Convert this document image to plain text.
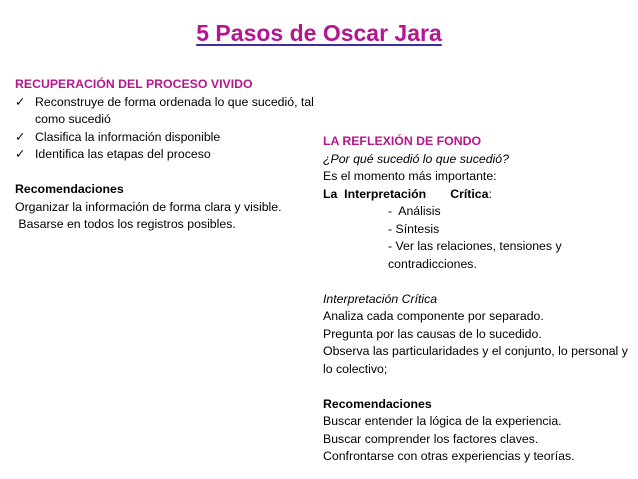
5 Pasos de Oscar Jara
RECUPERACIÓN DEL PROCESO VIVIDO
✓ Reconstruye de forma ordenada lo que sucedió, tal como sucedió
✓ Clasifica la información disponible
✓ Identifica las etapas del proceso
Recomendaciones
Organizar la información de forma clara y visible.
Basarse en todos los registros posibles.
LA REFLEXIÓN DE FONDO
¿Por qué sucedió lo que sucedió?
Es el momento más importante:
La  Interpretación Crítica:
-  Análisis
- Síntesis
- Ver las relaciones, tensiones y contradicciones.
Interpretación Crítica
Analiza cada componente por separado.
Pregunta por las causas de lo sucedido.
Observa las particularidades y el conjunto, lo personal y lo colectivo;
Recomendaciones
Buscar entender la lógica de la experiencia.
Buscar comprender los factores claves.
Confrontarse con otras experiencias y teorías.
